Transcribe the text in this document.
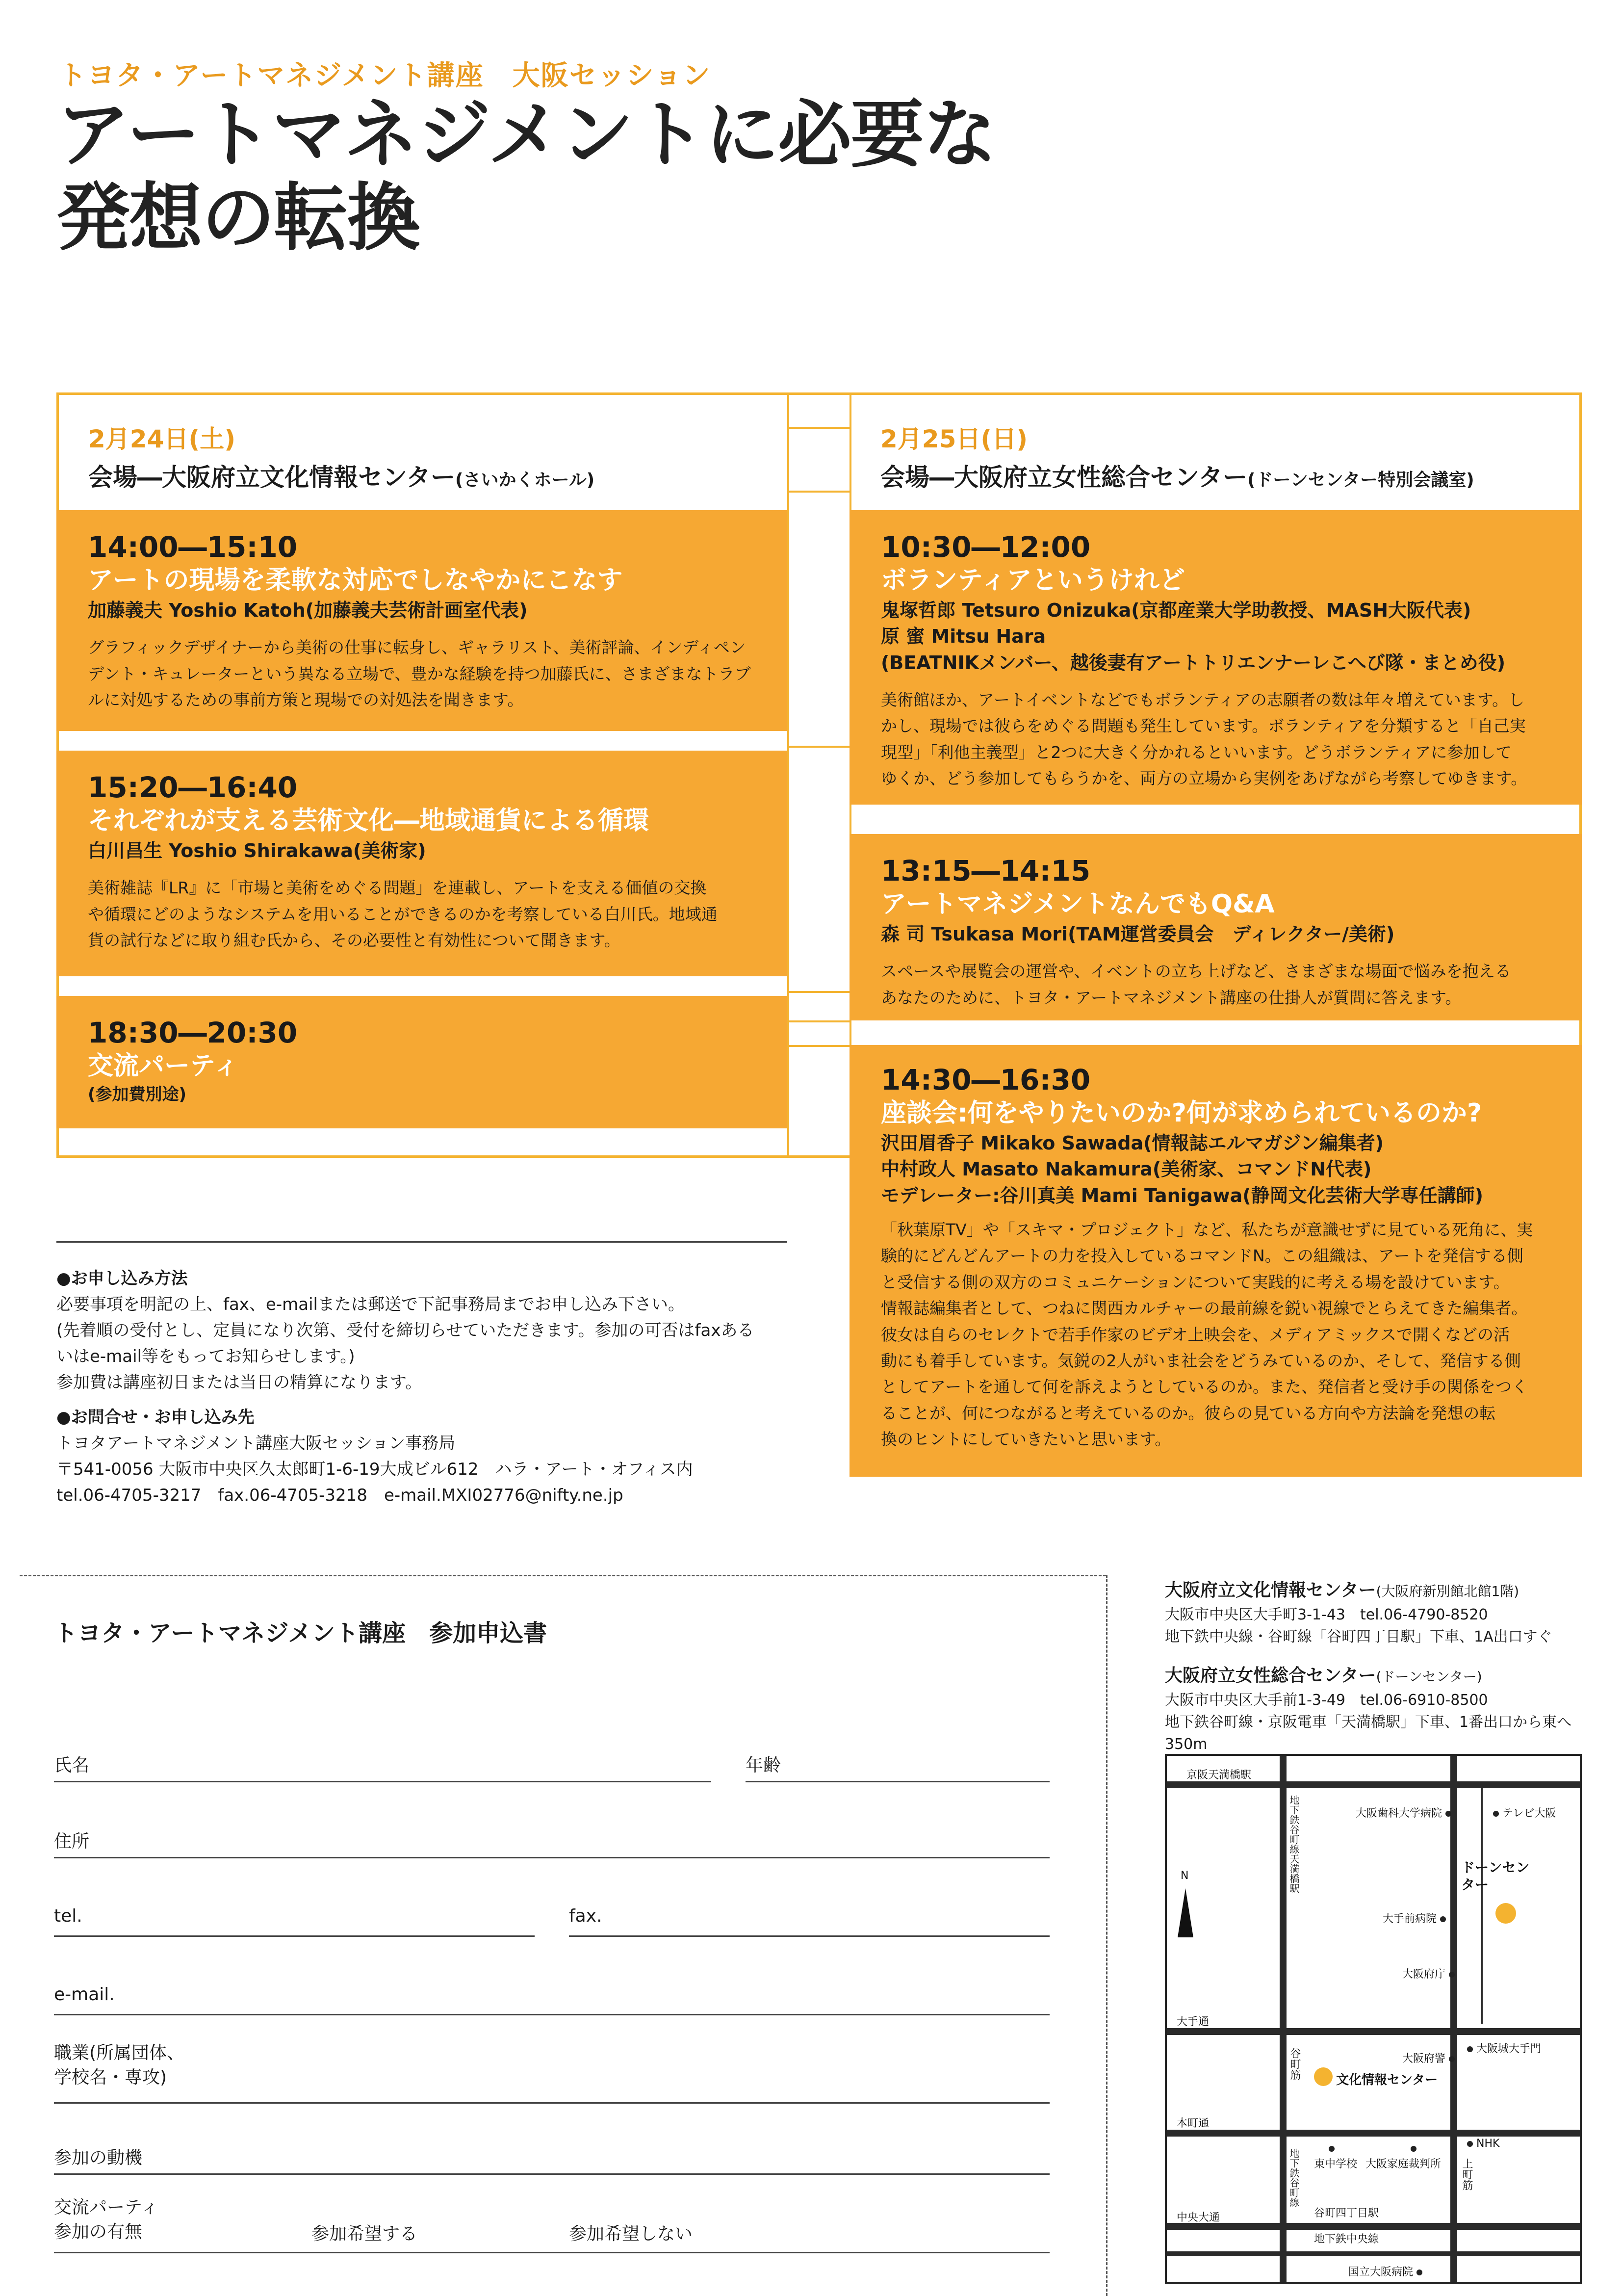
トヨタ・アートマネジメント講座　大阪セッション
アートマネジメントに必要な
発想の転換
2月24日(土)
会場―大阪府立文化情報センター(さいかくホール)
14:00―15:10
アートの現場を柔軟な対応でしなやかにこなす
加藤義夫 Yoshio Katoh(加藤義夫芸術計画室代表)
グラフィックデザイナーから美術の仕事に転身し、ギャラリスト、美術評論、インディペン
デント・キュレーターという異なる立場で、豊かな経験を持つ加藤氏に、さまざまなトラブ
ルに対処するための事前方策と現場での対処法を聞きます。
15:20―16:40
それぞれが支える芸術文化―地域通貨による循環
白川昌生 Yoshio Shirakawa(美術家)
美術雑誌『LR』に「市場と美術をめぐる問題」を連載し、アートを支える価値の交換
や循環にどのようなシステムを用いることができるのかを考察している白川氏。地域通
貨の試行などに取り組む氏から、その必要性と有効性について聞きます。
18:30―20:30
交流パーティ
(参加費別途)
2月25日(日)
会場―大阪府立女性総合センター(ドーンセンター特別会議室)
10:30―12:00
ボランティアというけれど
鬼塚哲郎 Tetsuro Onizuka(京都産業大学助教授、MASH大阪代表)
原 蜜 Mitsu Hara
(BEATNIKメンバー、越後妻有アートトリエンナーレこへび隊・まとめ役)
美術館ほか、アートイベントなどでもボランティアの志願者の数は年々増えています。し
かし、現場では彼らをめぐる問題も発生しています。ボランティアを分類すると「自己実
現型」「利他主義型」と2つに大きく分かれるといいます。どうボランティアに参加して
ゆくか、どう参加してもらうかを、両方の立場から実例をあげながら考察してゆきます。
13:15―14:15
アートマネジメントなんでもQ&A
森 司 Tsukasa Mori(TAM運営委員会　ディレクター/美術)
スペースや展覧会の運営や、イベントの立ち上げなど、さまざまな場面で悩みを抱える
あなたのために、トヨタ・アートマネジメント講座の仕掛人が質問に答えます。
14:30―16:30
座談会:何をやりたいのか?何が求められているのか?
沢田眉香子 Mikako Sawada(情報誌エルマガジン編集者)
中村政人 Masato Nakamura(美術家、コマンドN代表)
モデレーター:谷川真美 Mami Tanigawa(静岡文化芸術大学専任講師)
「秋葉原TV」や「スキマ・プロジェクト」など、私たちが意識せずに見ている死角に、実
験的にどんどんアートの力を投入しているコマンドN。この組織は、アートを発信する側
と受信する側の双方のコミュニケーションについて実践的に考える場を設けています。
情報誌編集者として、つねに関西カルチャーの最前線を鋭い視線でとらえてきた編集者。
彼女は自らのセレクトで若手作家のビデオ上映会を、メディアミックスで開くなどの活
動にも着手しています。気鋭の2人がいま社会をどうみているのか、そして、発信する側
としてアートを通して何を訴えようとしているのか。また、発信者と受け手の関係をつく
ることが、何につながると考えているのか。彼らの見ている方向や方法論を発想の転
換のヒントにしていきたいと思います。
●お申し込み方法
必要事項を明記の上、fax、e-mailまたは郵送で下記事務局までお申し込み下さい。
(先着順の受付とし、定員になり次第、受付を締切らせていただきます。参加の可否はfaxある
いはe-mail等をもってお知らせします。)
参加費は講座初日または当日の精算になります。
●お問合せ・お申し込み先
トヨタアートマネジメント講座大阪セッション事務局
〒541-0056 大阪市中央区久太郎町1-6-19大成ビル612　ハラ・アート・オフィス内
tel.06-4705-3217　fax.06-4705-3218　e-mail.MXI02776@nifty.ne.jp
トヨタ・アートマネジメント講座　参加申込書
氏名	年齢
住所
tel.	fax.
e-mail.
職業(所属団体、
学校名・専攻)
参加の動機
交流パーティ
参加の有無	参加希望する	参加希望しない
大阪府立文化情報センター(大阪府新別館北館1階)
大阪市中央区大手町3-1-43　tel.06-4790-8520
地下鉄中央線・谷町線「谷町四丁目駅」下車、1A出口すぐ
大阪府立女性総合センター(ドーンセンター)
大阪市中央区大手前1-3-49　tel.06-6910-8500
地下鉄谷町線・京阪電車「天満橋駅」下車、1番出口から東へ350m
京阪天満橋駅
地下鉄谷町線天満橋駅
N
大阪歯科大学病院	テレビ大阪
ドーンセンター
大手前病院
大阪府庁
大手通
谷町筋	大阪府警
大阪城大手門
文化情報センター
本町通
東中学校 大阪家庭裁判所
NHK
上町筋
地下鉄谷町線
谷町四丁目駅
中央大通
地下鉄中央線
国立大阪病院
